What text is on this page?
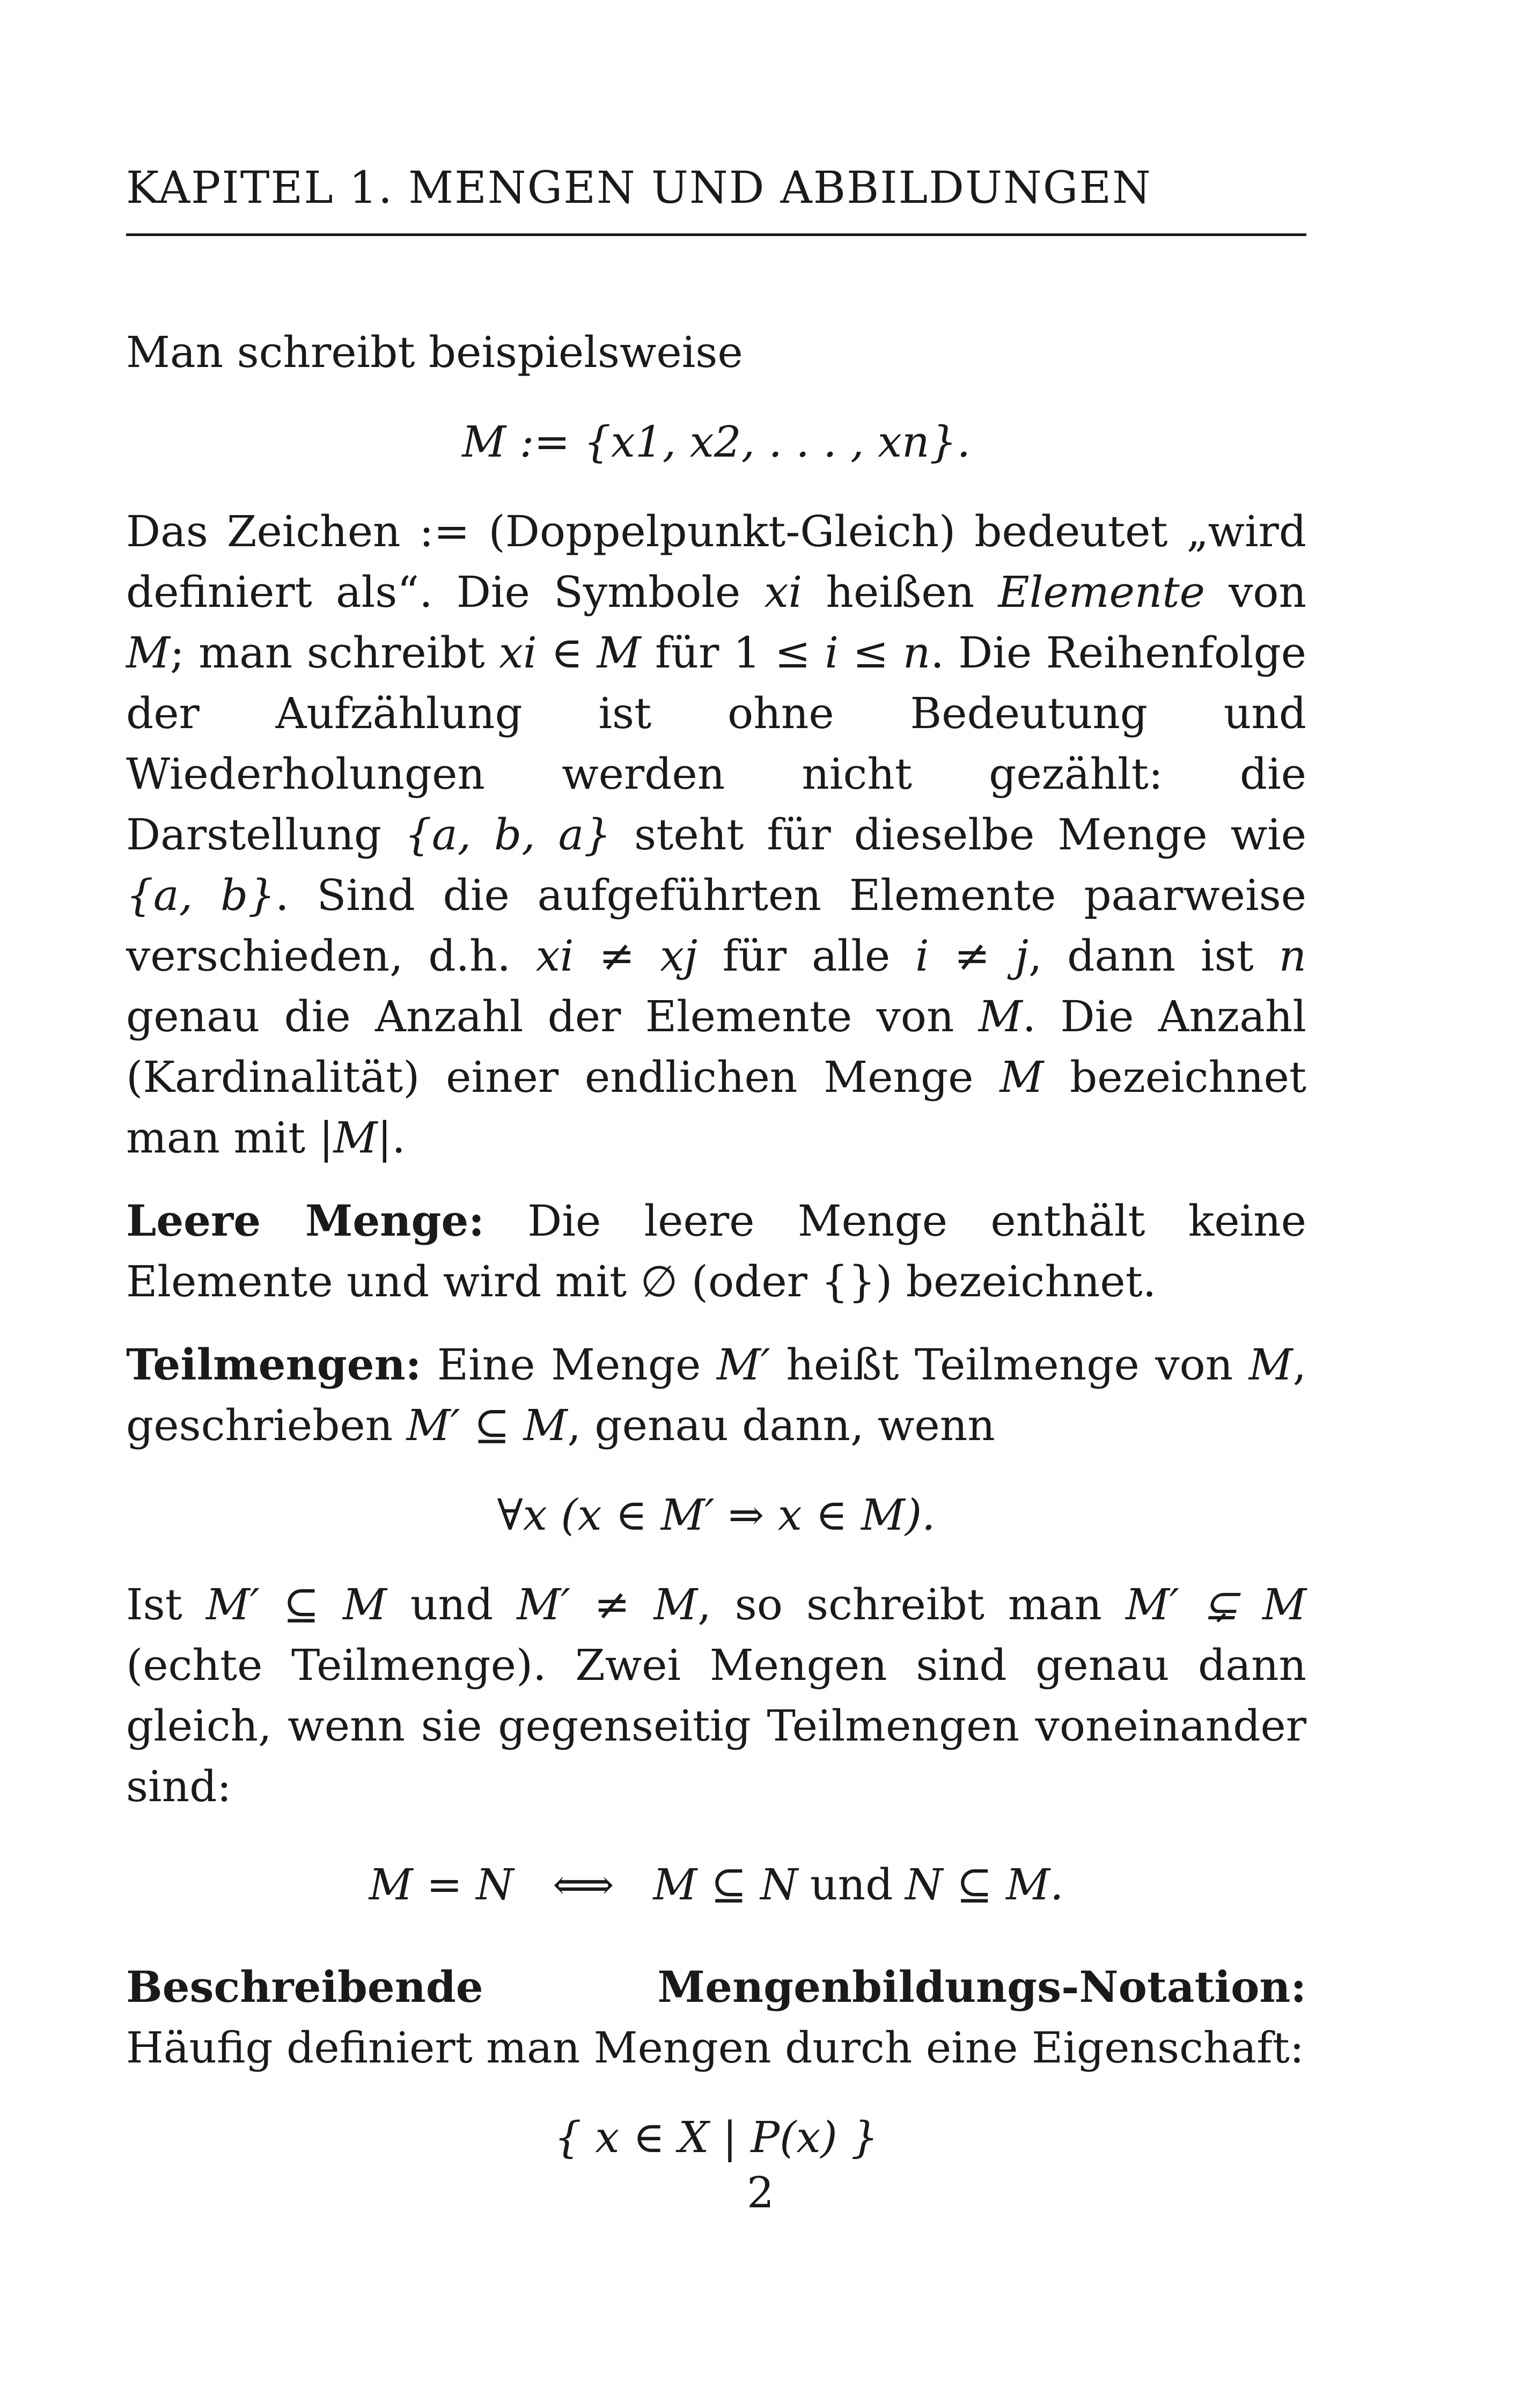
KAPITEL 1. MENGEN UND ABBILDUNGEN

Man schreibt beispielsweise

M := {x1, x2, . . . , xn}.

Das Zeichen := (Doppelpunkt-Gleich) bedeutet „wird definiert als“. Die Symbole xi heißen Elemente von M; man schreibt xi ∈ M für 1 ≤ i ≤ n. Die Reihenfolge der Aufzählung ist ohne Bedeutung und Wiederholungen werden nicht gezählt: die Darstellung {a, b, a} steht für dieselbe Menge wie {a, b}. Sind die aufgeführten Elemente paarweise verschieden, d.h. xi ≠ xj für alle i ≠ j, dann ist n genau die Anzahl der Elemente von M. Die Anzahl (Kardinalität) einer endlichen Menge M bezeichnet man mit |M|.

Leere Menge: Die leere Menge enthält keine Elemente und wird mit ∅ (oder {}) bezeichnet.

Teilmengen: Eine Menge M′ heißt Teilmenge von M, geschrieben M′ ⊆ M, genau dann, wenn

∀x (x ∈ M′ ⇒ x ∈ M).

Ist M′ ⊆ M und M′ ≠ M, so schreibt man M′ ⊊ M (echte Teilmenge). Zwei Mengen sind genau dann gleich, wenn sie gegenseitig Teilmengen voneinander sind:

M = N ⟺ M ⊆ N und N ⊆ M.

Beschreibende Mengenbildungs-Notation: Häufig definiert man Mengen durch eine Eigenschaft:

{ x ∈ X | P(x) }
2
